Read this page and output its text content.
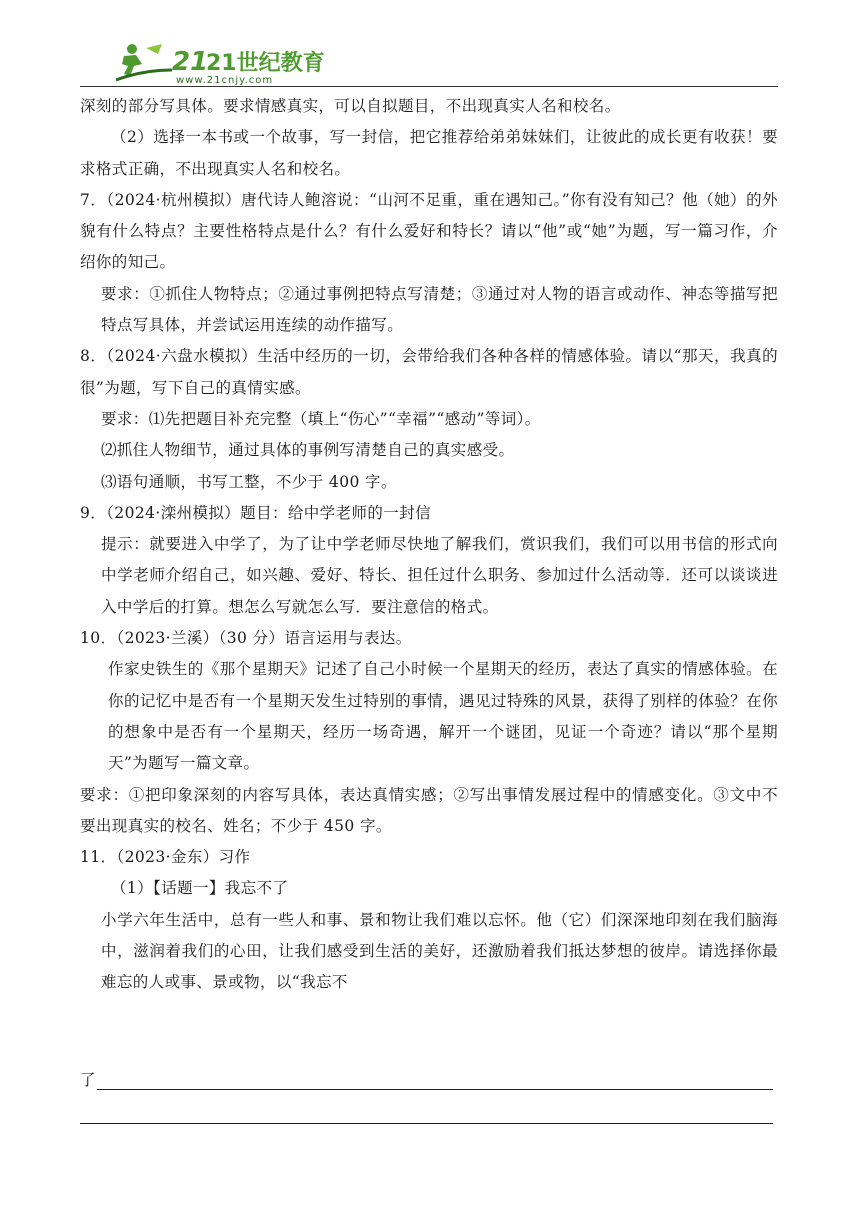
21
21世纪教育
www.21cnjy.com

深刻的部分写具体。要求情感真实，可以自拟题目，不出现真实人名和校名。

（2）选择一本书或一个故事，写一封信，把它推荐给弟弟妹妹们，让彼此的成长更有收获！要求格式正确，不出现真实人名和校名。

7．（2024·杭州模拟）唐代诗人鲍溶说：“山河不足重，重在遇知己。”你有没有知己？他（她）的外貌有什么特点？主要性格特点是什么？有什么爱好和特长？请以“他”或“她”为题，写一篇习作，介绍你的知己。

要求：①抓住人物特点；②通过事例把特点写清楚；③通过对人物的语言或动作、神态等描写把特点写具体，并尝试运用连续的动作描写。

8．（2024·六盘水模拟）生活中经历的一切，会带给我们各种各样的情感体验。请以“那天，我真的很”为题，写下自己的真情实感。

要求：⑴先把题目补充完整（填上“伤心”“幸福”“感动”等词）。

⑵抓住人物细节，通过具体的事例写清楚自己的真实感受。

⑶语句通顺，书写工整，不少于 400 字。

9．（2024·滦州模拟）题目：给中学老师的一封信

提示：就要进入中学了，为了让中学老师尽快地了解我们，赏识我们，我们可以用书信的形式向中学老师介绍自己，如兴趣、爱好、特长、担任过什么职务、参加过什么活动等．还可以谈谈进入中学后的打算。想怎么写就怎么写．要注意信的格式。

10．（2023·兰溪）（30 分）语言运用与表达。

作家史铁生的《那个星期天》记述了自己小时候一个星期天的经历，表达了真实的情感体验。在你的记忆中是否有一个星期天发生过特别的事情，遇见过特殊的风景，获得了别样的体验？在你的想象中是否有一个星期天，经历一场奇遇，解开一个谜团，见证一个奇迹？请以“那个星期天”为题写一篇文章。

要求：①把印象深刻的内容写具体，表达真情实感；②写出事情发展过程中的情感变化。③文中不要出现真实的校名、姓名；不少于 450 字。

11．（2023·金东）习作

（1）【话题一】我忘不了

小学六年生活中，总有一些人和事、景和物让我们难以忘怀。他（它）们深深地印刻在我们脑海中，滋润着我们的心田，让我们感受到生活的美好，还激励着我们抵达梦想的彼岸。请选择你最难忘的人或事、景或物，以“我忘不

了
